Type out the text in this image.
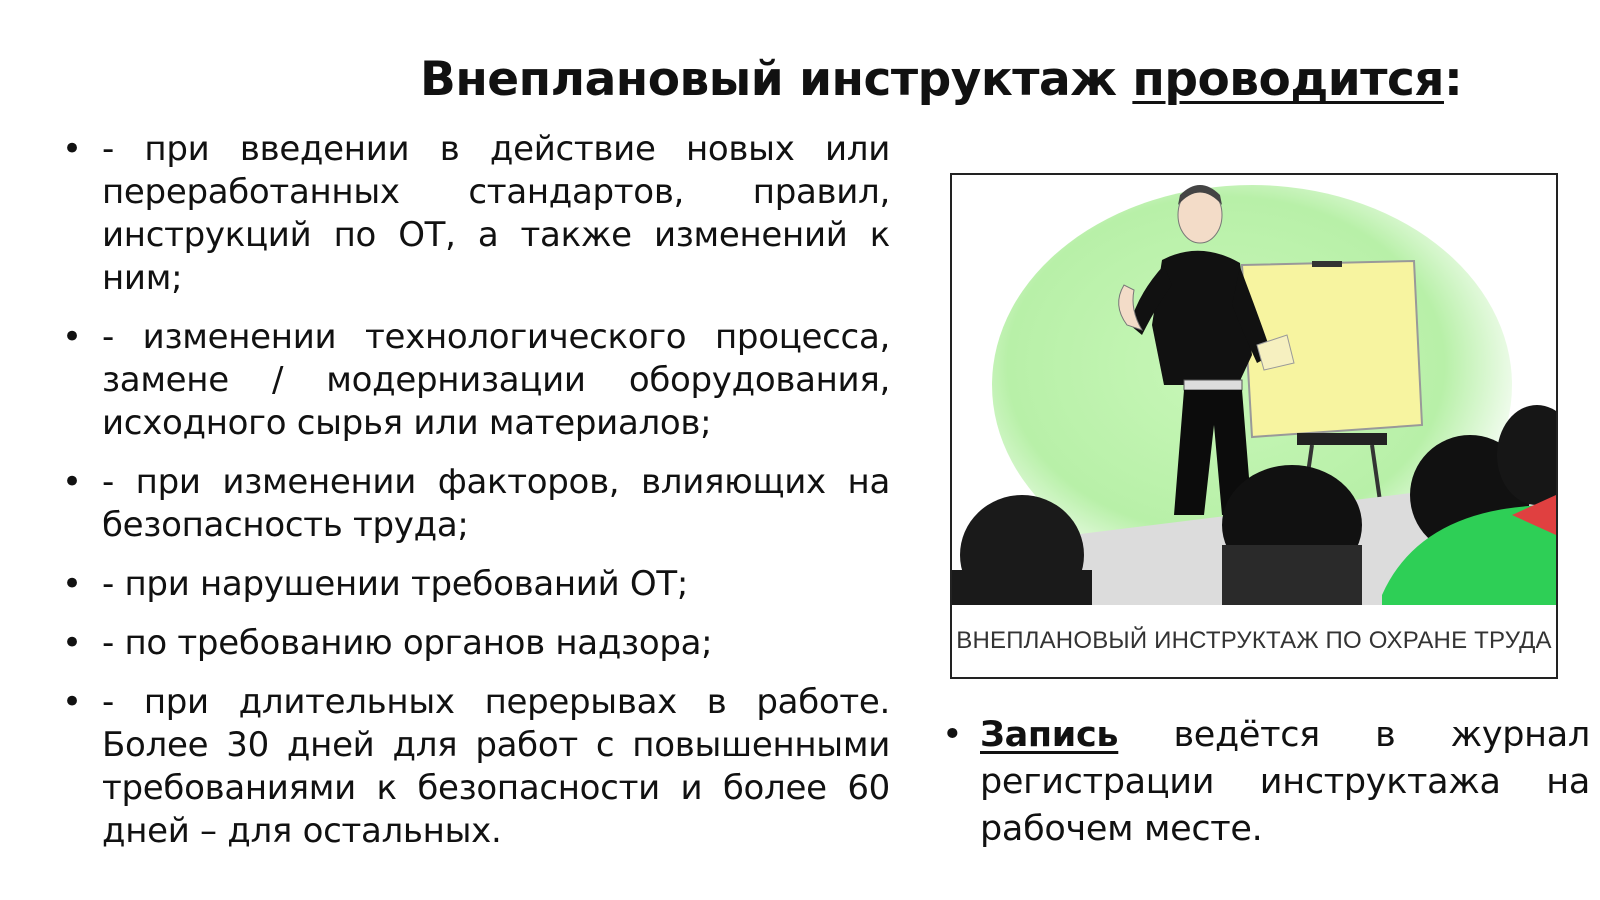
Внеплановый инструктаж проводится:
• - при введении в действие новых или переработанных стандартов, правил, инструкций по ОТ, а также изменений к ним;
• - изменении технологического процесса, замене / модернизации оборудования, исходного сырья или материалов;
• - при изменении факторов, влияющих на безопасность труда;
• - при нарушении требований ОТ;
• - по требованию органов надзора;
• - при длительных перерывах в работе. Более 30 дней для работ с повышенными требованиями к безопасности и более 60 дней – для остальных.
ВНЕПЛАНОВЫЙ ИНСТРУКТАЖ ПО ОХРАНЕ ТРУДА
• Запись ведётся в журнал регистрации инструктажа на рабочем месте.
